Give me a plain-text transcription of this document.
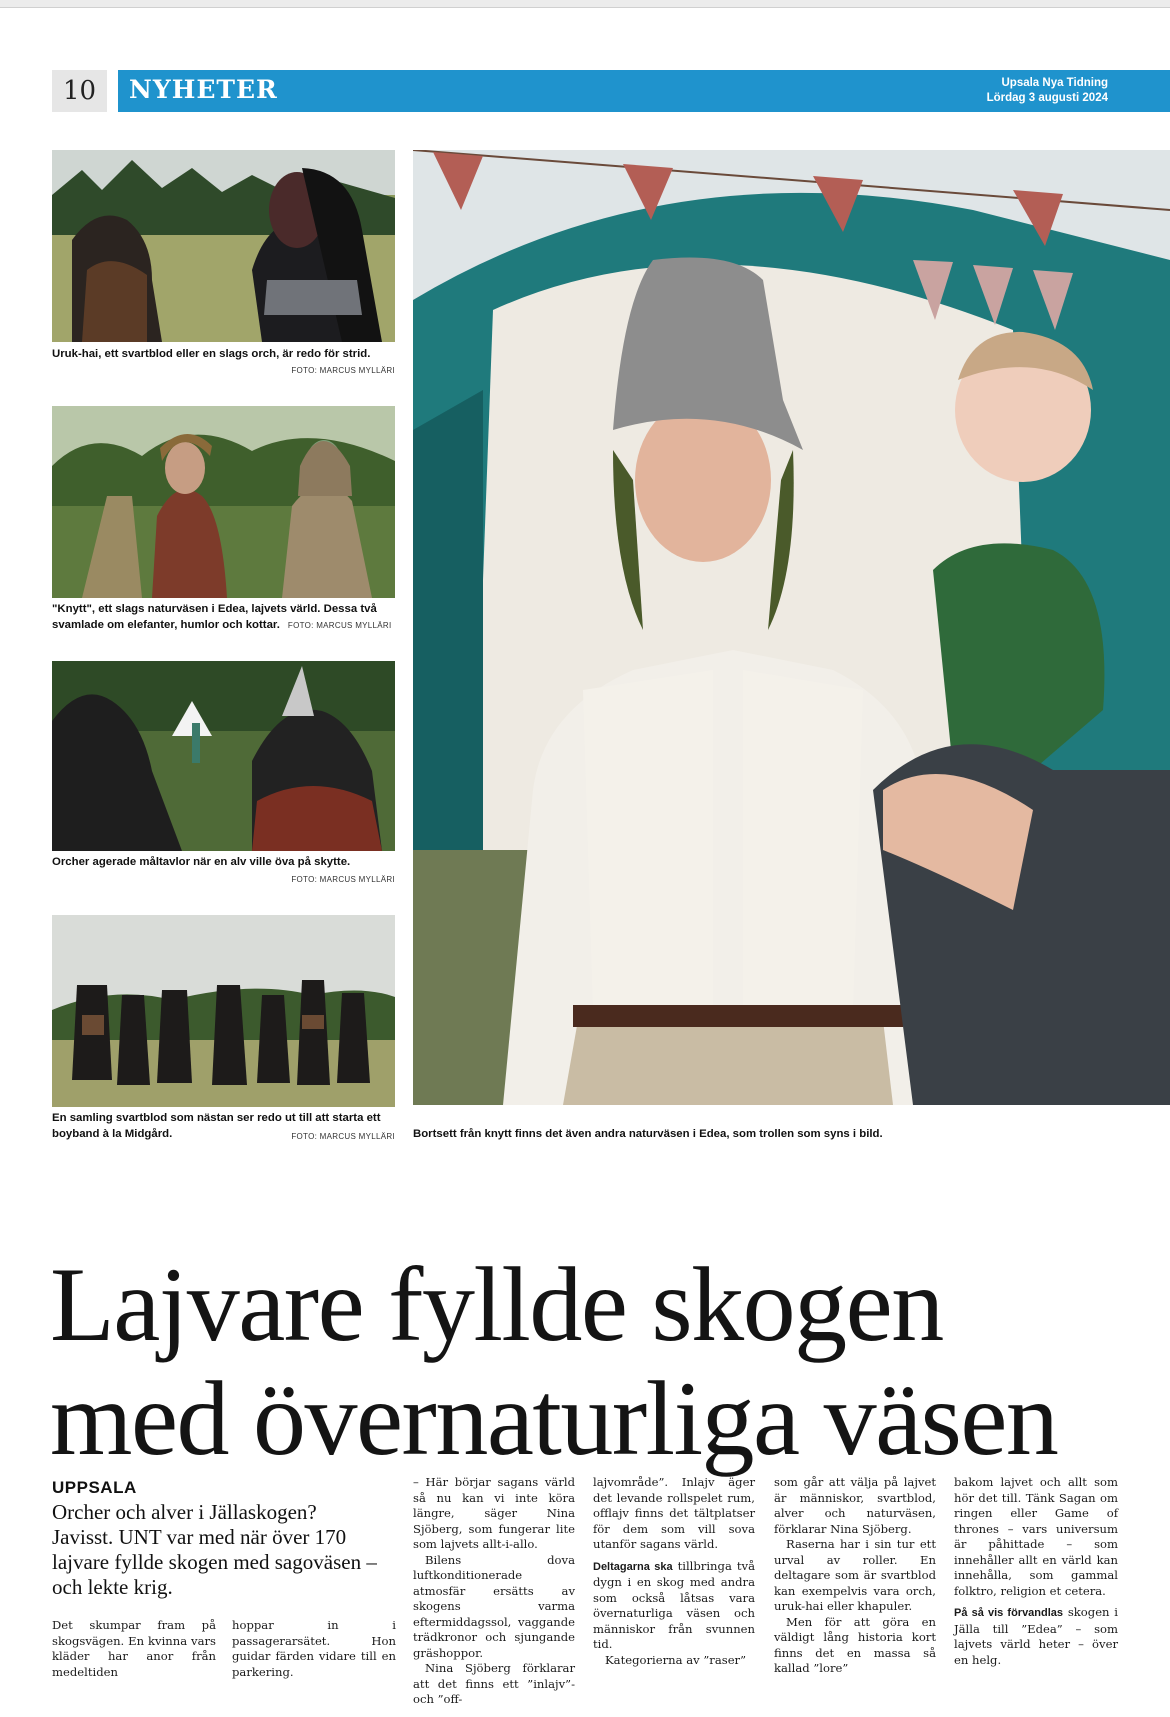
10	NYHETER	Upsala Nya Tidning
Lördag 3 augusti 2024
Uruk-hai, ett svartblod eller en slags orch, är redo för strid.
FOTO: MARCUS MYLLÄRI
"Knytt", ett slags naturväsen i Edea, lajvets värld. Dessa två
svamlade om elefanter, humlor och kottar. FOTO: MARCUS MYLLÄRI
Orcher agerade måltavlor när en alv ville öva på skytte.
FOTO: MARCUS MYLLÄRI
En samling svartblod som nästan ser redo ut till att starta ett
boyband à la Midgård.	FOTO: MARCUS MYLLÄRI Bortsett från knytt finns det även andra naturväsen i Edea, som trollen som syns i bild.
Lajvare fyllde skogen
med övernaturliga väsen
UPPSALA
Orcher och alver i Jällaskogen? Javisst. UNT var med när över 170 lajvare fyllde skogen med sagoväsen – och lekte krig.

Det skumpar fram på skogsvägen. En kvinna vars kläder har anor från medeltiden

hoppar in i passagerarsätet. Hon guidar färden vidare till en parkering.

– Här börjar sagans värld så nu kan vi inte köra längre, säger Nina Sjöberg, som fungerar lite som lajvets allt-i-allo.

Bilens dova luftkonditionerade atmosfär ersätts av skogens varma eftermiddagssol, vaggande trädkronor och sjungande gräshoppor.

Nina Sjöberg förklarar att det finns ett ”inlajv”- och ”off-

lajvområde”. Inlajv äger det levande rollspelet rum, offlajv finns det tältplatser för dem som vill sova utanför sagans värld.

Deltagarna ska tillbringa två dygn i en skog med andra som också låtsas vara övernaturliga väsen och människor från svunnen tid.

Kategorierna av ”raser”

som går att välja på lajvet är människor, svartblod, alver och naturväsen, förklarar Nina Sjöberg.

Raserna har i sin tur ett urval av roller. En deltagare som är svartblod kan exempelvis vara orch, uruk-hai eller khapuler.

Men för att göra en väldigt lång historia kort finns det en massa så kallad ”lore”

bakom lajvet och allt som hör det till. Tänk Sagan om ringen eller Game of thrones – vars universum är påhittade – som innehåller allt en värld kan innehålla, som gammal folktro, religion et cetera.

På så vis förvandlas skogen i Jälla till ”Edea” – som lajvets värld heter – över en helg.
